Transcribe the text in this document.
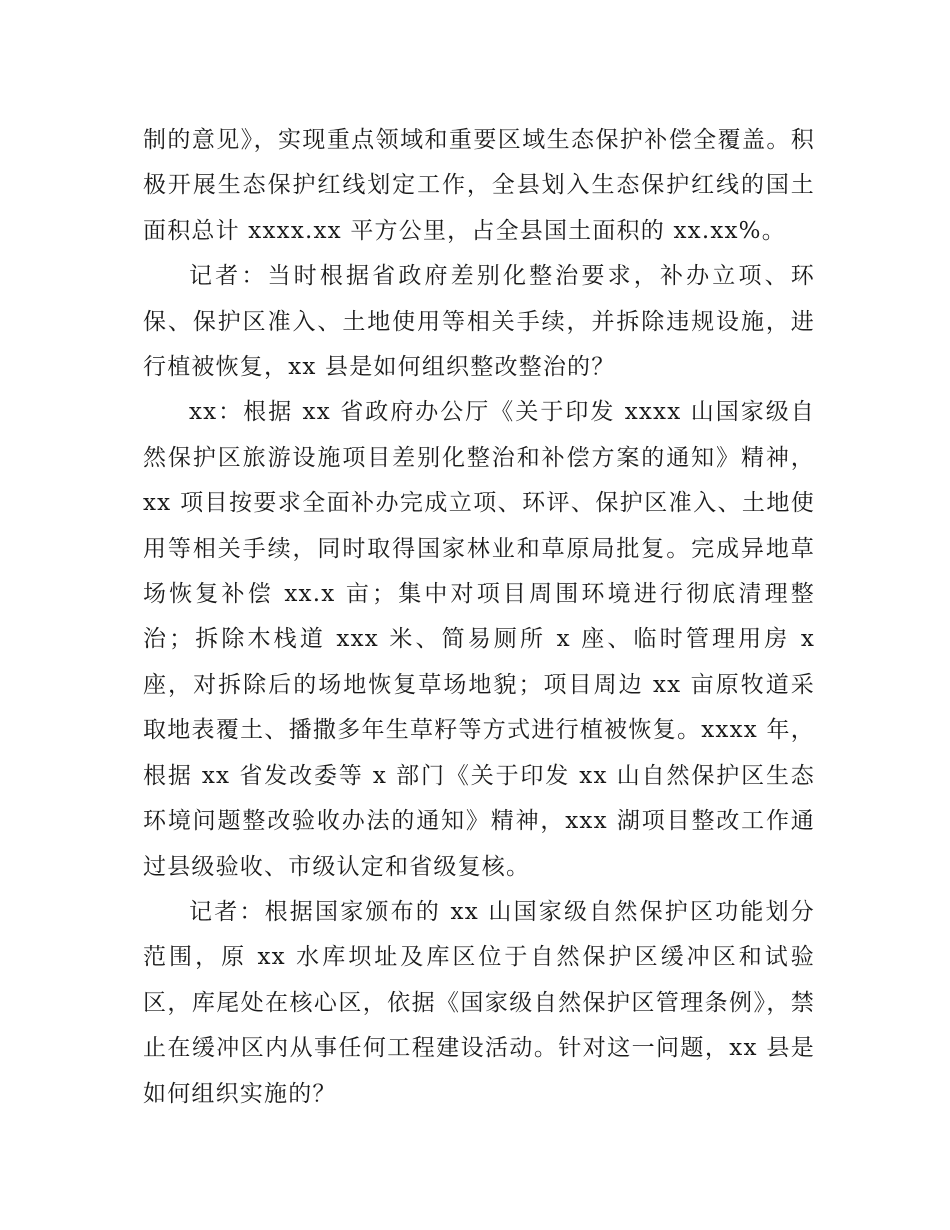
制的意见》，实现重点领域和重要区域生态保护补偿全覆盖。积极开展生态保护红线划定工作，全县划入生态保护红线的国土面积总计 xxxx.xx 平方公里，占全县国土面积的 xx.xx%。

记者：当时根据省政府差别化整治要求，补办立项、环保、保护区准入、土地使用等相关手续，并拆除违规设施，进行植被恢复，xx 县是如何组织整改整治的？

xx：根据 xx 省政府办公厅《关于印发 xxxx 山国家级自然保护区旅游设施项目差别化整治和补偿方案的通知》精神，xx 项目按要求全面补办完成立项、环评、保护区准入、土地使用等相关手续，同时取得国家林业和草原局批复。完成异地草场恢复补偿 xx.x 亩；集中对项目周围环境进行彻底清理整治；拆除木栈道 xxx 米、简易厕所 x 座、临时管理用房 x 座，对拆除后的场地恢复草场地貌；项目周边 xx 亩原牧道采取地表覆土、播撒多年生草籽等方式进行植被恢复。xxxx 年，根据 xx 省发改委等 x 部门《关于印发 xx 山自然保护区生态环境问题整改验收办法的通知》精神，xxx 湖项目整改工作通过县级验收、市级认定和省级复核。

记者：根据国家颁布的 xx 山国家级自然保护区功能划分范围，原 xx 水库坝址及库区位于自然保护区缓冲区和试验区，库尾处在核心区，依据《国家级自然保护区管理条例》，禁止在缓冲区内从事任何工程建设活动。针对这一问题，xx 县是如何组织实施的？
